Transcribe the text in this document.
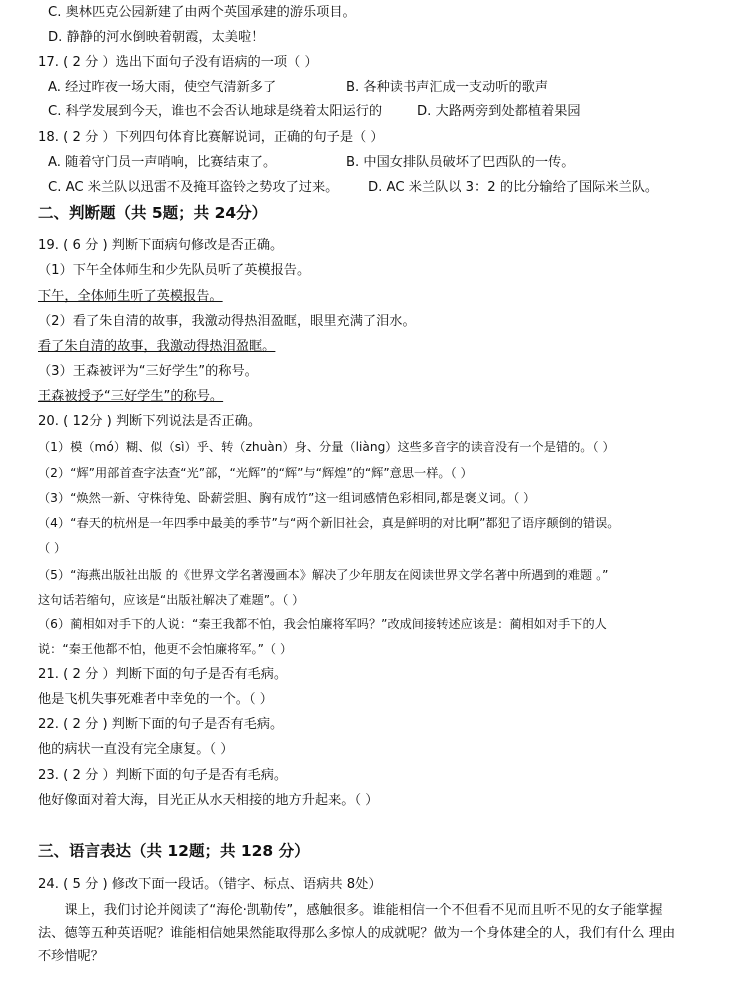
C. 奥林匹克公园新建了由两个英国承建的游乐项目。
D. 静静的河水倒映着朝霞，太美啦！
17. ( 2 分 ）选出下面句子没有语病的一项（ ）
A. 经过昨夜一场大雨，使空气清新多了	B. 各种读书声汇成一支动听的歌声
C. 科学发展到今天，谁也不会否认地球是绕着太阳运行的	D. 大路两旁到处都植着果园
18. ( 2 分 ）下列四句体育比赛解说词，正确的句子是（ ）
A. 随着守门员一声哨响，比赛结束了。	B. 中国女排队员破坏了巴西队的一传。
C. AC 米兰队以迅雷不及掩耳盗铃之势攻了过来。 D. AC 米兰队以 3：2 的比分输给了国际米兰队。
二、判断题（共 5题；共 24分）
19. ( 6 分 ) 判断下面病句修改是否正确。
（1）下午全体师生和少先队员听了英模报告。
下午，全体师生听了英模报告。
（2）看了朱自清的故事，我激动得热泪盈眶，眼里充满了泪水。
看了朱自清的故事，我激动得热泪盈眶。
（3）王森被评为“三好学生”的称号。
王森被授予“三好学生”的称号。
20. ( 12分 ) 判断下列说法是否正确。
（1）模（mó）糊、似（sì）乎、转（zhuàn）身、分量（liàng）这些多音字的读音没有一个是错的。（ ）
（2）“辉”用部首查字法查“光”部，“光辉”的“辉”与“辉煌”的“辉”意思一样。（ ）
（3）“焕然一新、守株待兔、卧薪尝胆、胸有成竹”这一组词感情色彩相同,都是褒义词。（ ）
（4）“春天的杭州是一年四季中最美的季节”与“两个新旧社会，真是鲜明的对比啊”都犯了语序颠倒的错误。
（ ）
（5）“海燕出版社出版 的《世界文学名著漫画本》解决了少年朋友在阅读世界文学名著中所遇到的难题 。”
这句话若缩句，应该是“出版社解决了难题”。（ ）
（6）蔺相如对手下的人说：“秦王我都不怕，我会怕廉将军吗？”改成间接转述应该是：蔺相如对手下的人
说：“秦王他都不怕，他更不会怕廉将军。”（ ）
21. ( 2 分 ）判断下面的句子是否有毛病。
他是飞机失事死难者中幸免的一个。（ ）
22. ( 2 分 ) 判断下面的句子是否有毛病。
他的病状一直没有完全康复。（ ）
23. ( 2 分 ）判断下面的句子是否有毛病。
他好像面对着大海，目光正从水天相接的地方升起来。（ ）
三、语言表达（共 12题；共 128 分）
24. ( 5 分 ) 修改下面一段话。（错字、标点、语病共 8处）

　　课上，我们讨论并阅读了“海伦·凯勒传”，感触很多。谁能相信一个不但看不见而且听不见的女子能掌握 法、德等五种英语呢？谁能相信她果然能取得那么多惊人的成就呢？做为一个身体建全的人，我们有什么 理由不珍惜呢？
